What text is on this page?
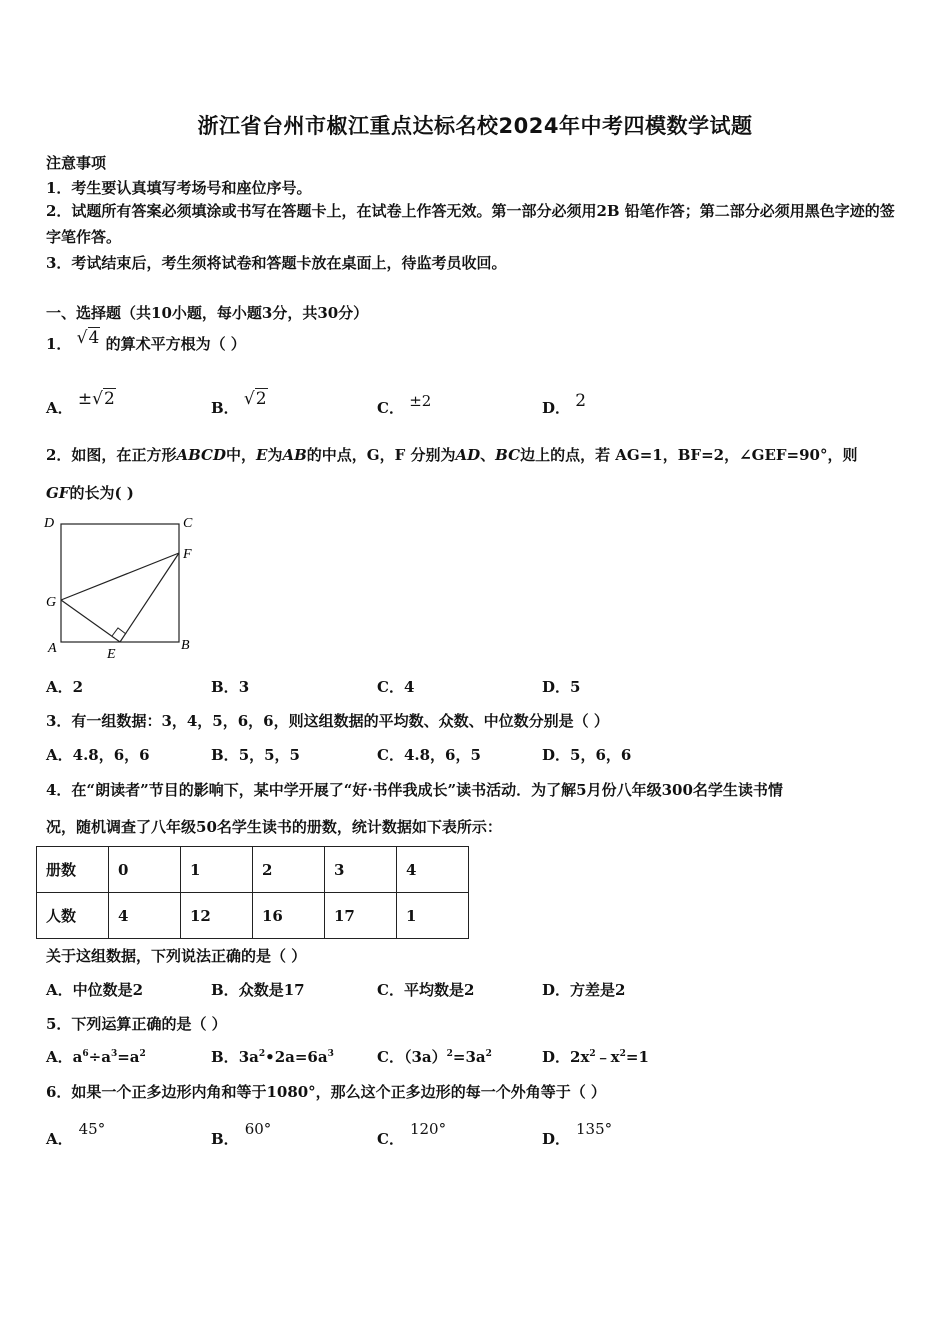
浙江省台州市椒江重点达标名校2024年中考四模数学试题
注意事项
1．考生要认真填写考场号和座位序号。
2．试题所有答案必须填涂或书写在答题卡上，在试卷上作答无效。第一部分必须用2B 铅笔作答；第二部分必须用黑色字迹的签字笔作答。
3．考试结束后，考生须将试卷和答题卡放在桌面上，待监考员收回。
一、选择题（共10小题，每小题3分，共30分）
1． √4 的算术平方根为（ ）
A． ±√2	B． √2	C． ±2	D． 2
2．如图，在正方形ABCD中，E为AB的中点，G，F 分别为AD、BC边上的点，若 AG=1，BF=2，∠GEF=90°，则
GF的长为( )
D	C
F
G
A	E
B
A．2	B．3	C．4	D．5
3．有一组数据：3，4，5，6，6，则这组数据的平均数、众数、中位数分别是（ ）
A．4.8，6，6	B．5，5，5	C．4.8，6，5	D．5，6，6
4．在“朗读者”节目的影响下，某中学开展了“好·书伴我成长”读书活动．为了解5月份八年级300名学生读书情
况，随机调查了八年级50名学生读书的册数，统计数据如下表所示：
册数	0	1	2	3	4
人数	4	12	16	17	1
关于这组数据，下列说法正确的是（ ）
A．中位数是2	B．众数是17	C．平均数是2	D．方差是2
5．下列运算正确的是（ ）
A．$a^6\div a^3=a^2$	B．$3a^2•2a=6a^3$	C．$(3a)^2=3a^2$	D．$2x^2﹣x^2=1$
6．如果一个正多边形内角和等于1080°，那么这个正多边形的每一个外角等于（ ）
A．45°
B．60°
C．120°
D．135°
